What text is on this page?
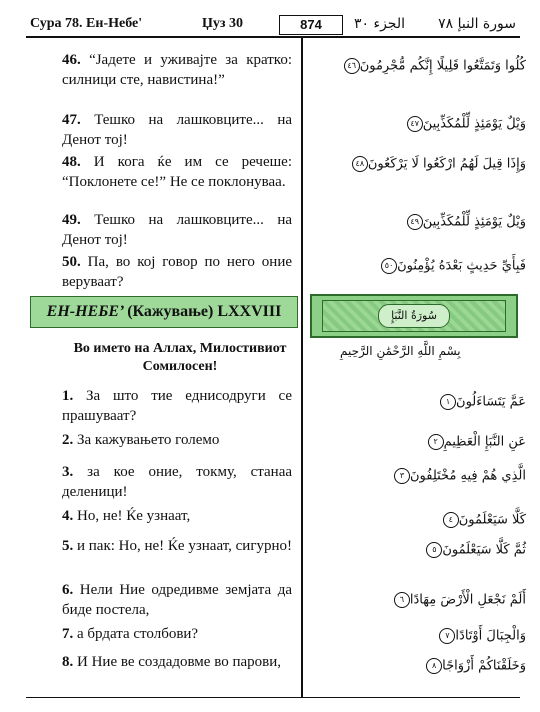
Сура 78. Ен-Небе'	Џуз 30	874	الجزء ٣٠ سورة النبإ ٧٨
46. “Јадете и уживајте за кратко: силници сте, навистина!”
كُلُوا وَتَمَتَّعُوا قَلِيلًا إِنَّكُم مُّجْرِمُونَ٤٦
47. Тешко на лашковците... на Денот тој!
وَيْلٌ يَوْمَئِذٍ لِّلْمُكَذِّبِينَ٤٧
48. И кога ќе им се речеше: “Поклонете се!” Не се поклонуваа.
وَإِذَا قِيلَ لَهُمُ ارْكَعُوا لَا يَرْكَعُونَ٤٨
49. Тешко на лашковците... на Денот тој!
وَيْلٌ يَوْمَئِذٍ لِّلْمُكَذِّبِينَ٤٩
50. Па, во кој говор по него оние веруваат?
فَبِأَيِّ حَدِيثٍ بَعْدَهُ يُؤْمِنُونَ٥٠
ЕН-НЕБЕ’ (Кажување) LXXVIII	سُورَةُ النَّبَإِ
Во името на Аллах, Милостивиот Сомилосен!
بِسْمِ اللَّهِ الرَّحْمَٰنِ الرَّحِيمِ
1. За што тие еднисодруги се прашуваат?
عَمَّ يَتَسَاءَلُونَ١
2. За кажувањето големо	عَنِ النَّبَإِ الْعَظِيمِ٢
3. за кое оние, токму, станаа деленици!
الَّذِي هُمْ فِيهِ مُخْتَلِفُونَ٣
4. Но, не! Ќе узнаат,	كَلَّا سَيَعْلَمُونَ٤
5. и пак: Но, не! Ќе узнаат, сигурно!	ثُمَّ كَلَّا سَيَعْلَمُونَ٥
6. Нели Ние одредивме земјата да биде постела,
أَلَمْ نَجْعَلِ الْأَرْضَ مِهَادًا٦
7. а брдата столбови?	وَالْجِبَالَ أَوْتَادًا٧
8. И Ние ве создадовме во парови,	وَخَلَقْنَاكُمْ أَزْوَاجًا٨
